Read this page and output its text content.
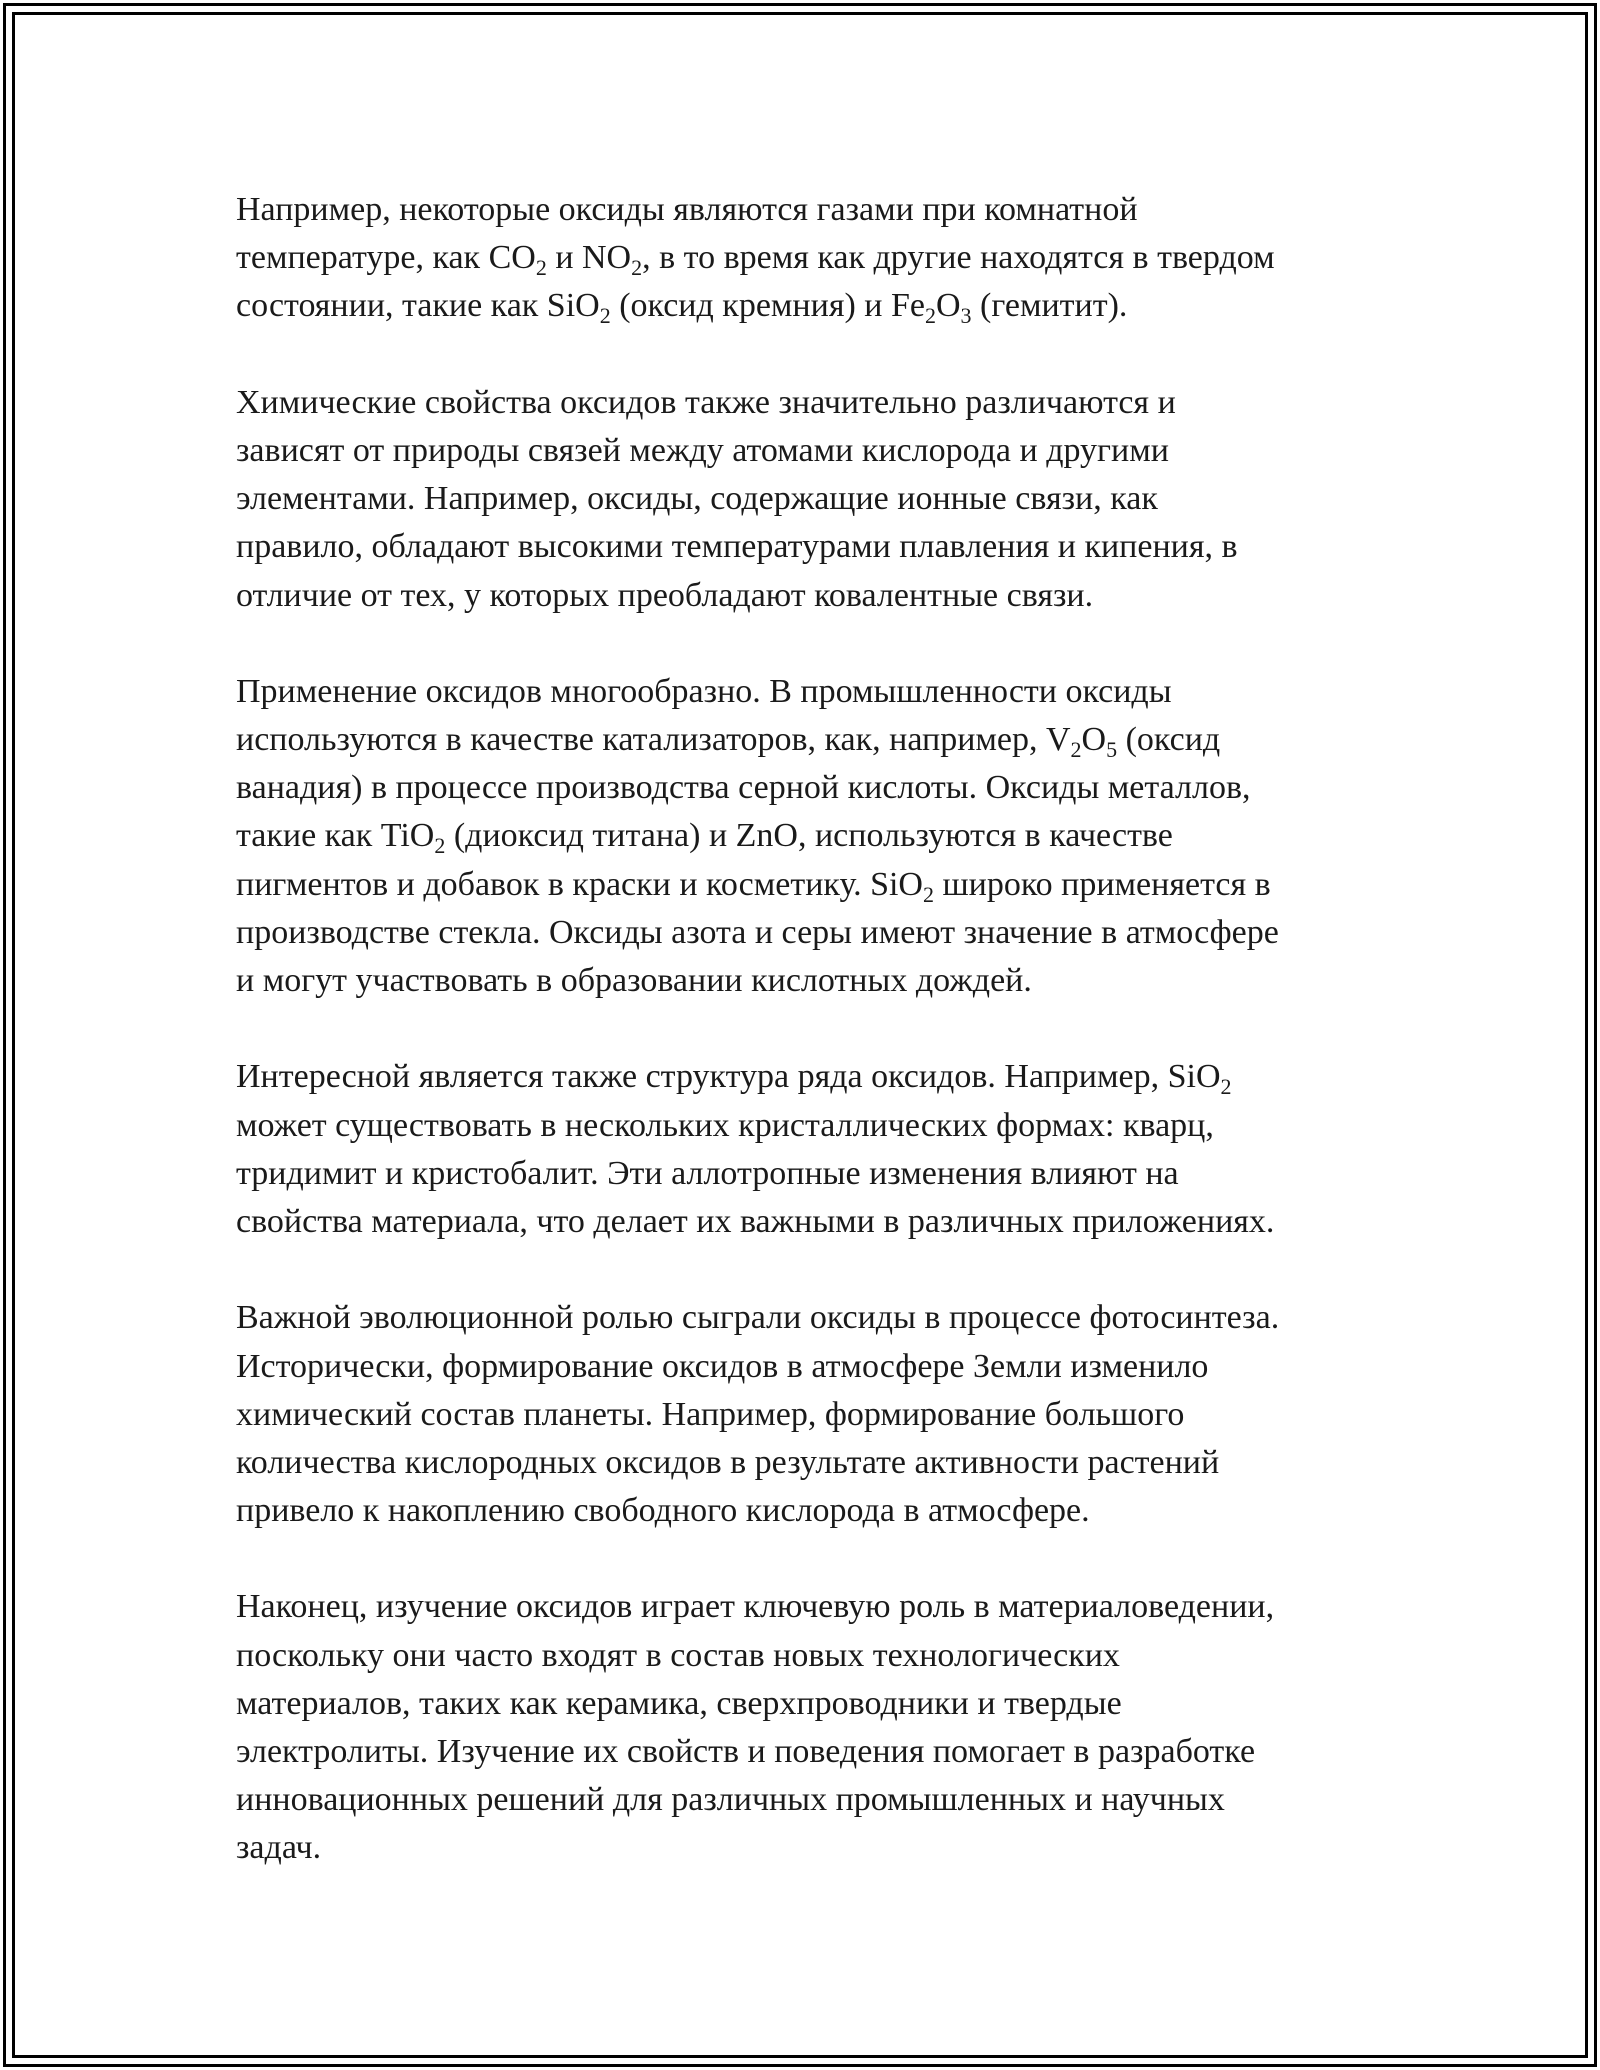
Например, некоторые оксиды являются газами при комнатной
температуре, как $CO_2$ и $NO_2$, в то время как другие находятся в твердом
состоянии, такие как SiO$_2$ (оксид кремния) и $Fe_2O_3$ (гемитит).

Химические свойства оксидов также значительно различаются и
зависят от природы связей между атомами кислорода и другими
элементами. Например, оксиды, содержащие ионные связи, как
правило, обладают высокими температурами плавления и кипения, в
отличие от тех, у которых преобладают ковалентные связи.

Применение оксидов многообразно. В промышленности оксиды
используются в качестве катализаторов, как, например, $V_2O_5$ (оксид
ванадия) в процессе производства серной кислоты. Оксиды металлов,
такие как TiO$_2$ (диоксид титана) и ZnO, используются в качестве
пигментов и добавок в краски и косметику. SiO$_2$ широко применяется в
производстве стекла. Оксиды азота и серы имеют значение в атмосфере
и могут участвовать в образовании кислотных дождей.

Интересной является также структура ряда оксидов. Например, SiO$_2$
может существовать в нескольких кристаллических формах: кварц,
тридимит и кристобалит. Эти аллотропные изменения влияют на
свойства материала, что делает их важными в различных приложениях.

Важной эволюционной ролью сыграли оксиды в процессе фотосинтеза.
Исторически, формирование оксидов в атмосфере Земли изменило
химический состав планеты. Например, формирование большого
количества кислородных оксидов в результате активности растений
привело к накоплению свободного кислорода в атмосфере.

Наконец, изучение оксидов играет ключевую роль в материаловедении,
поскольку они часто входят в состав новых технологических
материалов, таких как керамика, сверхпроводники и твердые
электролиты. Изучение их свойств и поведения помогает в разработке
инновационных решений для различных промышленных и научных
задач.
